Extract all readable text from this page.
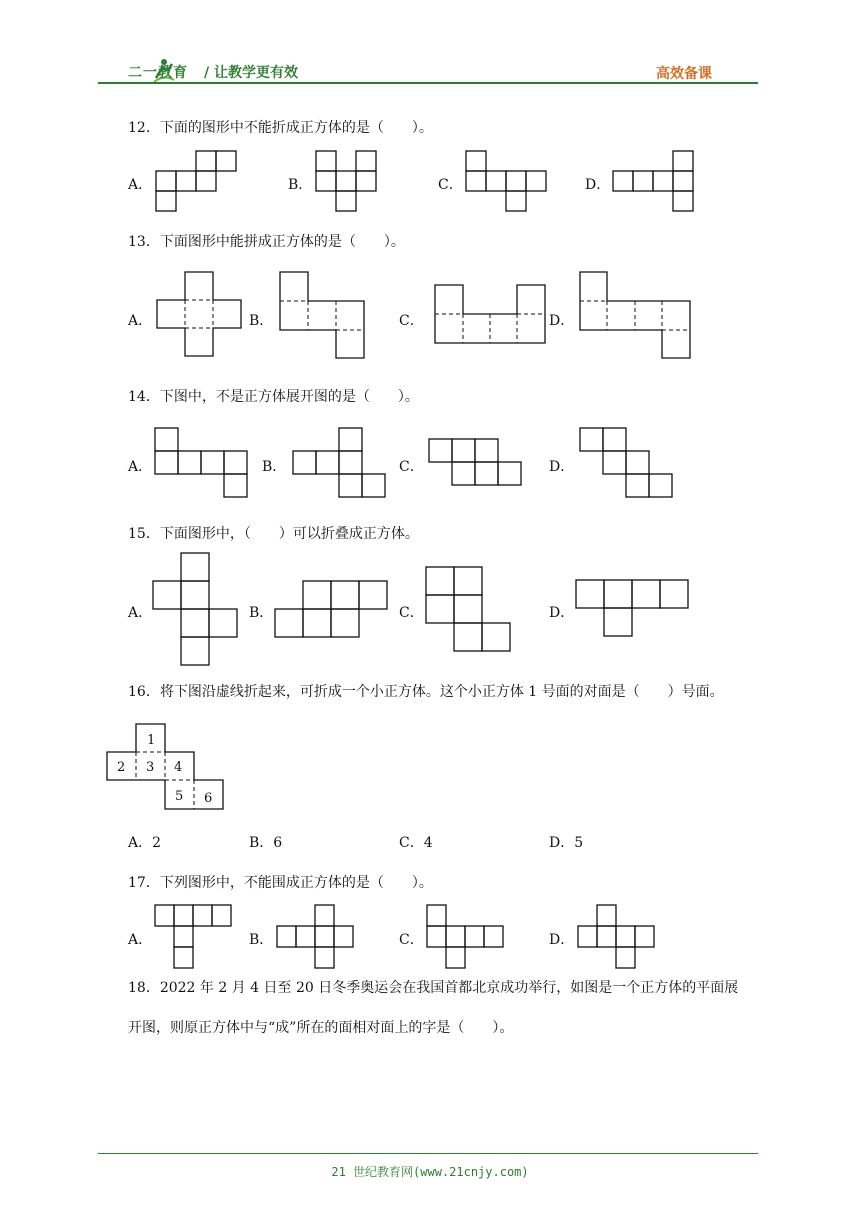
二一教育 / 让教学更有效	高效备课
12．下面的图形中不能折成正方体的是（　　）。
A．	B．	C．	D．
13．下面图形中能拼成正方体的是（　　）。
A．	B．	C．	D．
14．下图中，不是正方体展开图的是（　　）。
A．	B．	C．	D．
15．下面图形中，（　　）可以折叠成正方体。
A．	B．	C．	D．
16．将下图沿虚线折起来，可折成一个小正方体。这个小正方体 1 号面的对面是（　　）号面。
1
2 3 4
5 6
A．2	B．6	C．4	D．5
17．下列图形中，不能围成正方体的是（　　）。
A．	B．	C．	D．
18．2022 年 2 月 4 日至 20 日冬季奥运会在我国首都北京成功举行，如图是一个正方体的平面展
开图，则原正方体中与“成”所在的面相对面上的字是（　　）。
21 世纪教育网(www.21cnjy.com)
